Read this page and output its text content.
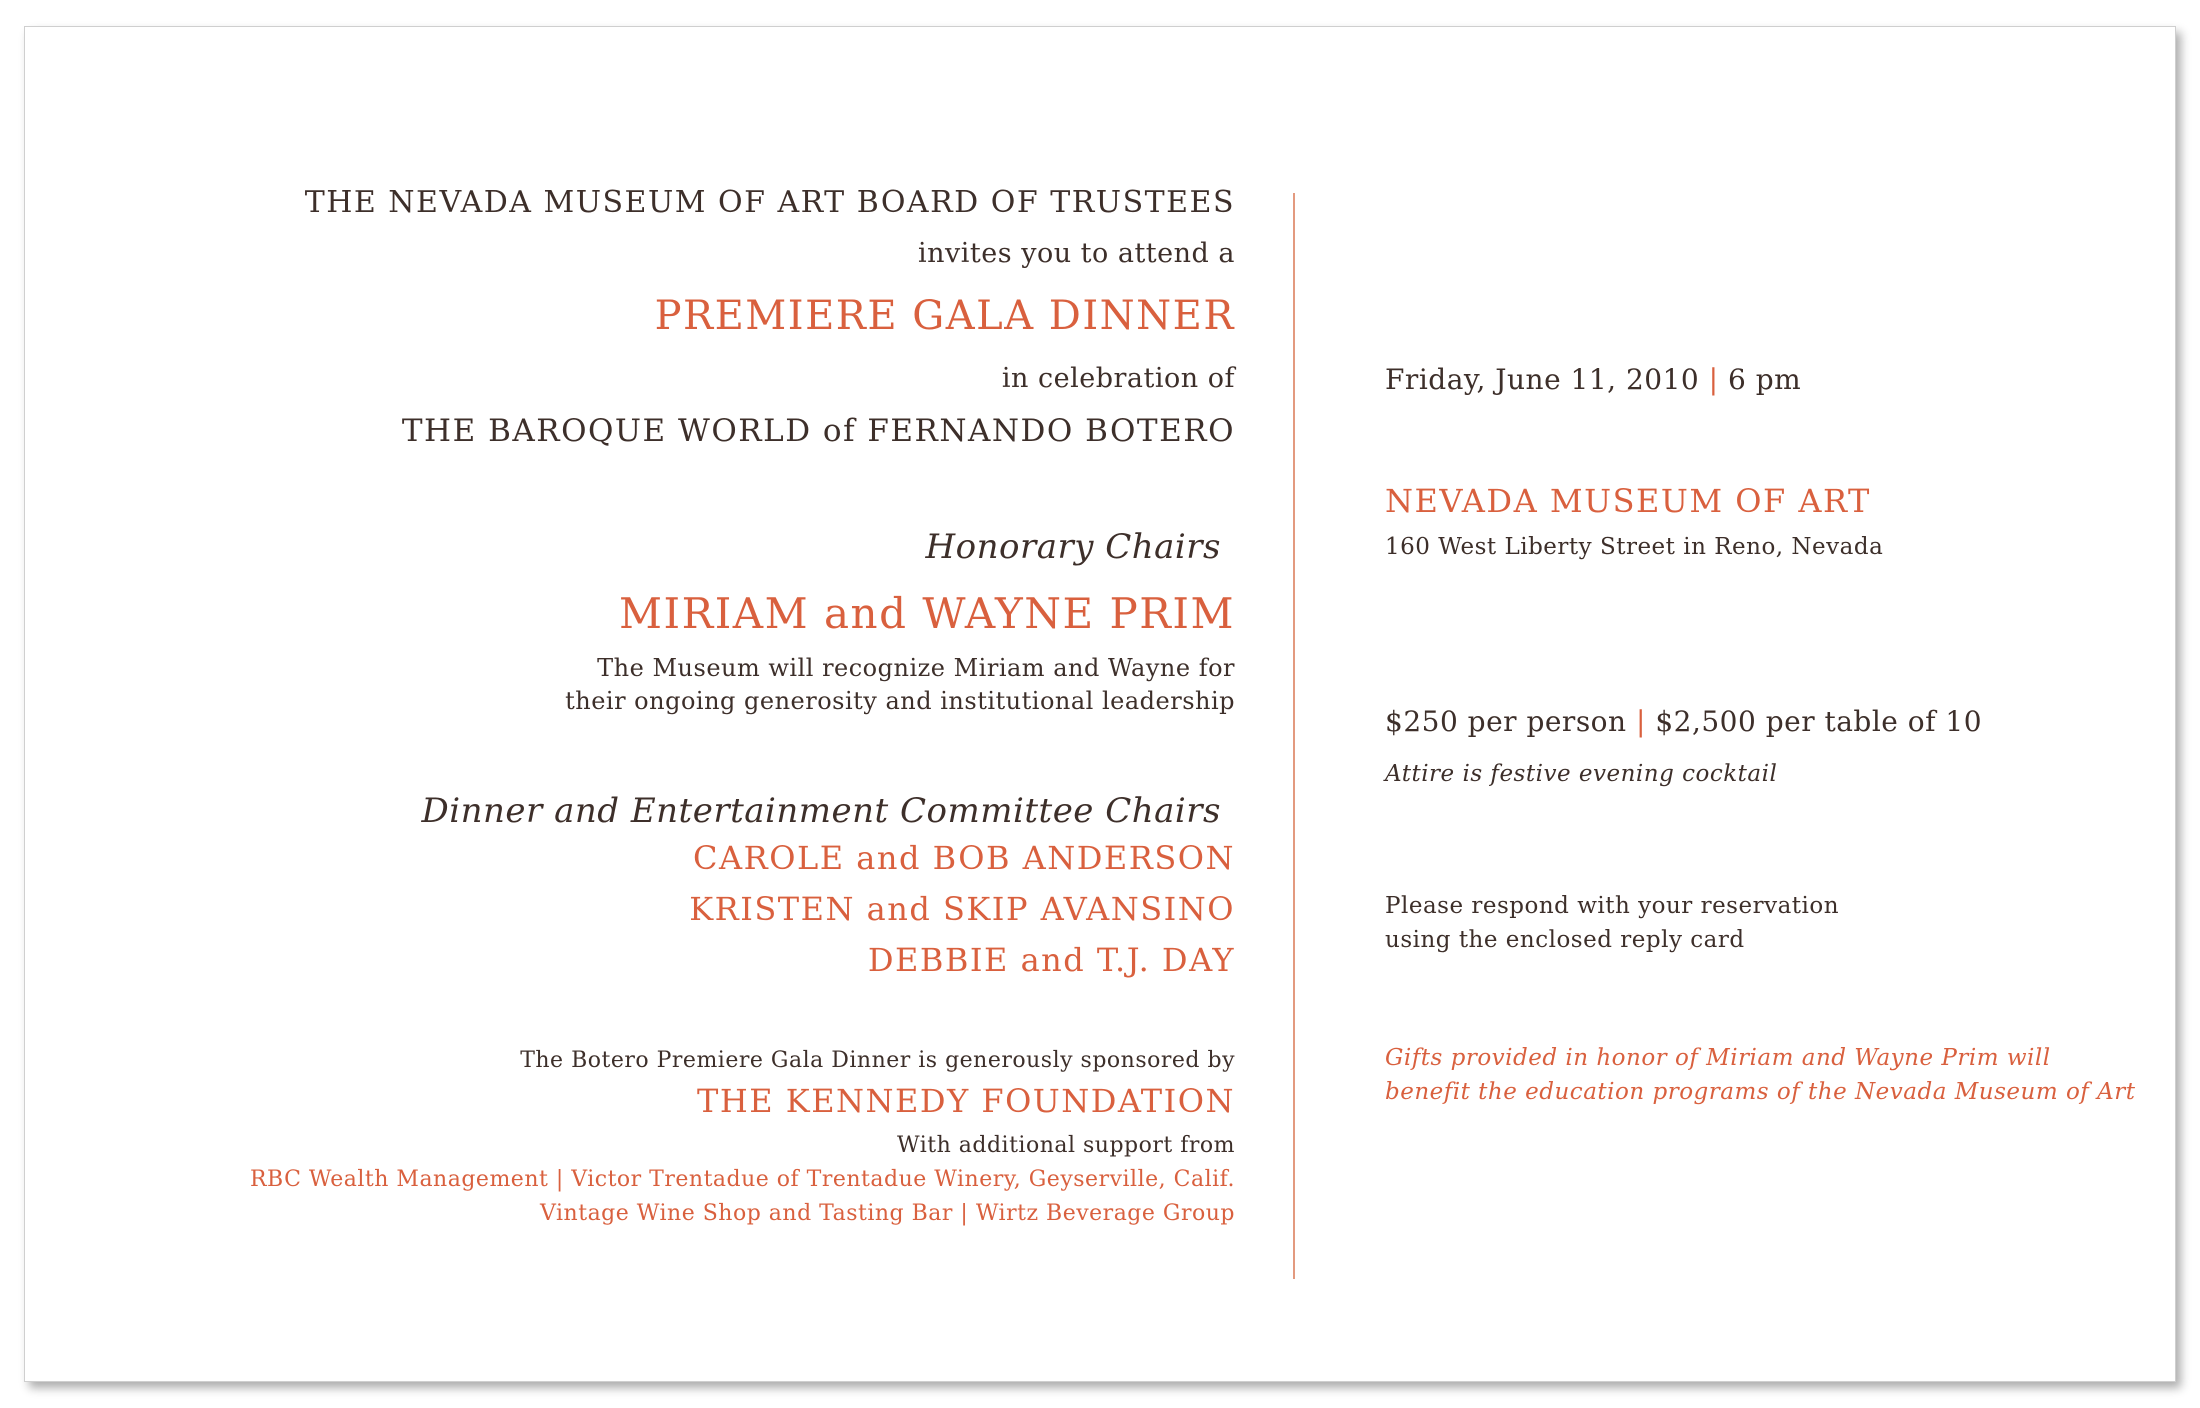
THE NEVADA MUSEUM OF ART BOARD OF TRUSTEES
invites you to attend a
PREMIERE GALA DINNER
in celebration of
THE BAROQUE WORLD of FERNANDO BOTERO
Honorary Chairs
MIRIAM and WAYNE PRIM
The Museum will recognize Miriam and Wayne for
their ongoing generosity and institutional leadership
Dinner and Entertainment Committee Chairs
CAROLE and BOB ANDERSON
KRISTEN and SKIP AVANSINO
DEBBIE and T.J. DAY
The Botero Premiere Gala Dinner is generously sponsored by
THE KENNEDY FOUNDATION
With additional support from
RBC Wealth Management | Victor Trentadue of Trentadue Winery, Geyserville, Calif.
Vintage Wine Shop and Tasting Bar | Wirtz Beverage Group
Friday, June 11, 2010 | 6 pm
NEVADA MUSEUM OF ART
160 West Liberty Street in Reno, Nevada
$250 per person | $2,500 per table of 10
Attire is festive evening cocktail
Please respond with your reservation
using the enclosed reply card
Gifts provided in honor of Miriam and Wayne Prim will
benefit the education programs of the Nevada Museum of Art
